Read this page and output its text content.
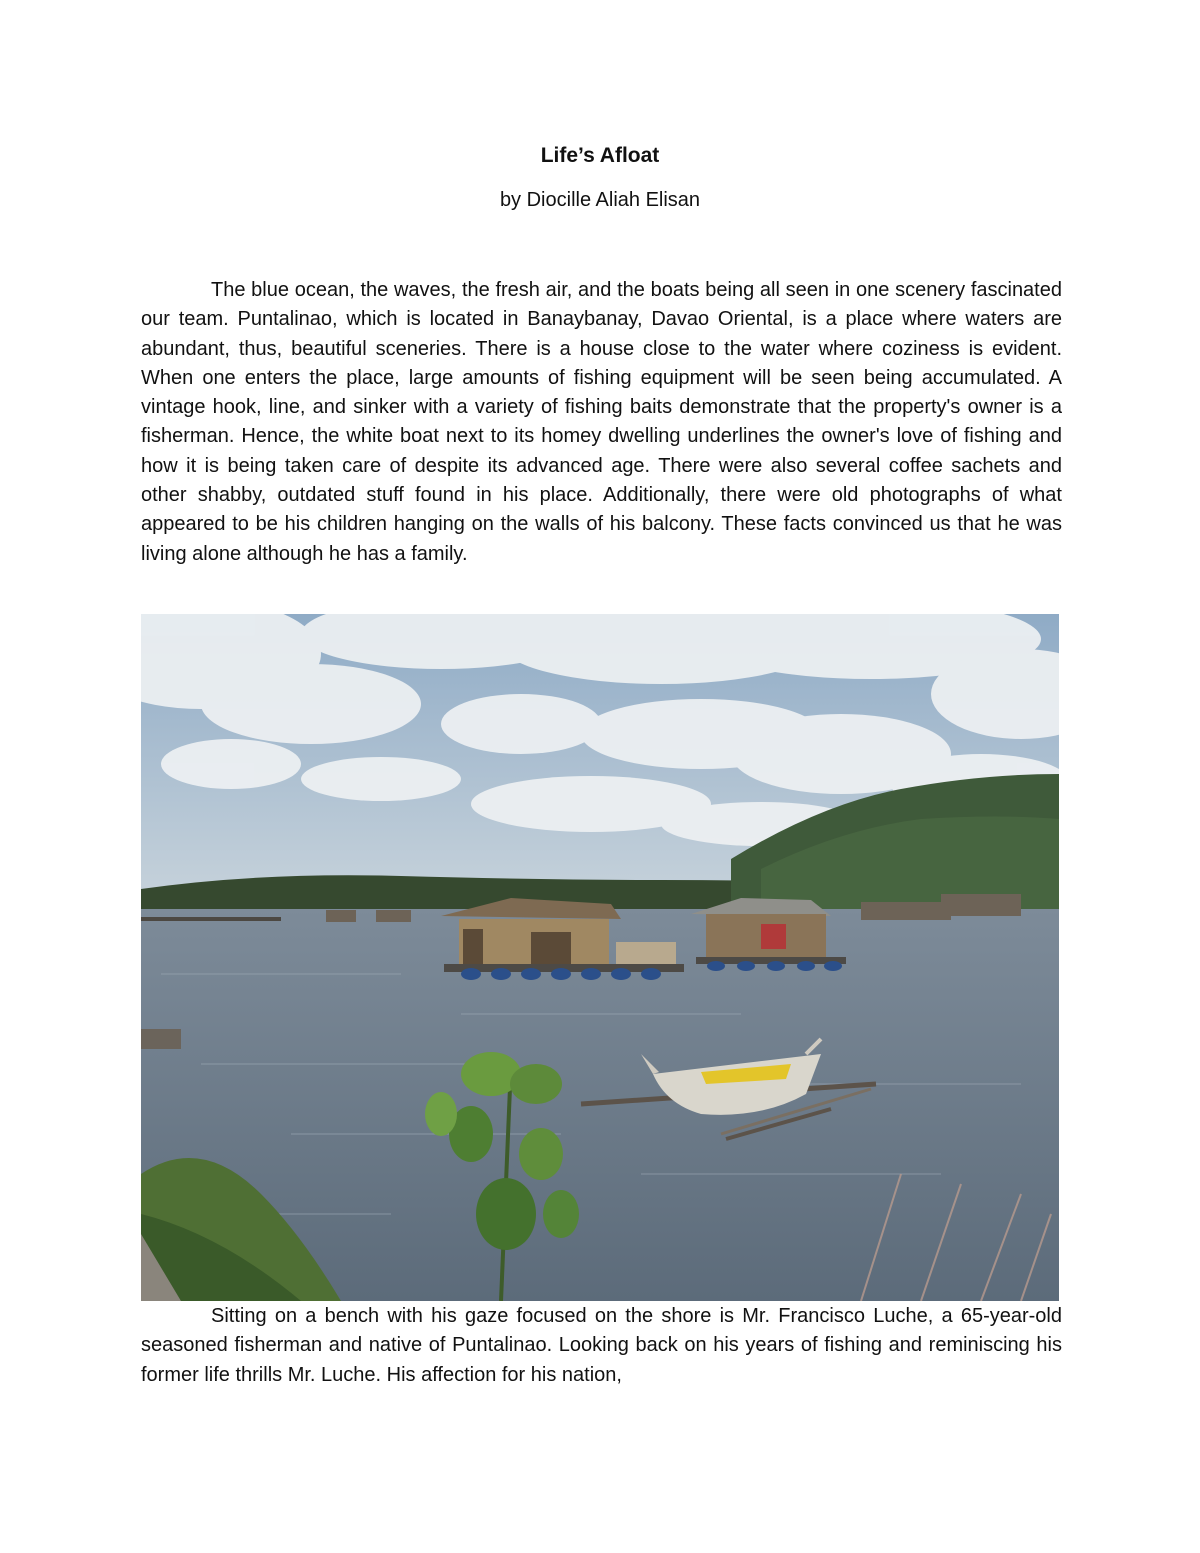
Life’s Afloat
by Diocille Aliah Elisan

The blue ocean, the waves, the fresh air, and the boats being all seen in one scenery fascinated our team. Puntalinao, which is located in Banaybanay, Davao Oriental, is a place where waters are abundant, thus, beautiful sceneries. There is a house close to the water where coziness is evident. When one enters the place, large amounts of fishing equipment will be seen being accumulated. A vintage hook, line, and sinker with a variety of fishing baits demonstrate that the property's owner is a fisherman. Hence, the white boat next to its homey dwelling underlines the owner's love of fishing and how it is being taken care of despite its advanced age. There were also several coffee sachets and other shabby, outdated stuff found in his place. Additionally, there were old photographs of what appeared to be his children hanging on the walls of his balcony. These facts convinced us that he was living alone although he has a family.

Sitting on a bench with his gaze focused on the shore is Mr. Francisco Luche, a 65-year-old seasoned fisherman and native of Puntalinao. Looking back on his years of fishing and reminiscing his former life thrills Mr. Luche. His affection for his nation,
